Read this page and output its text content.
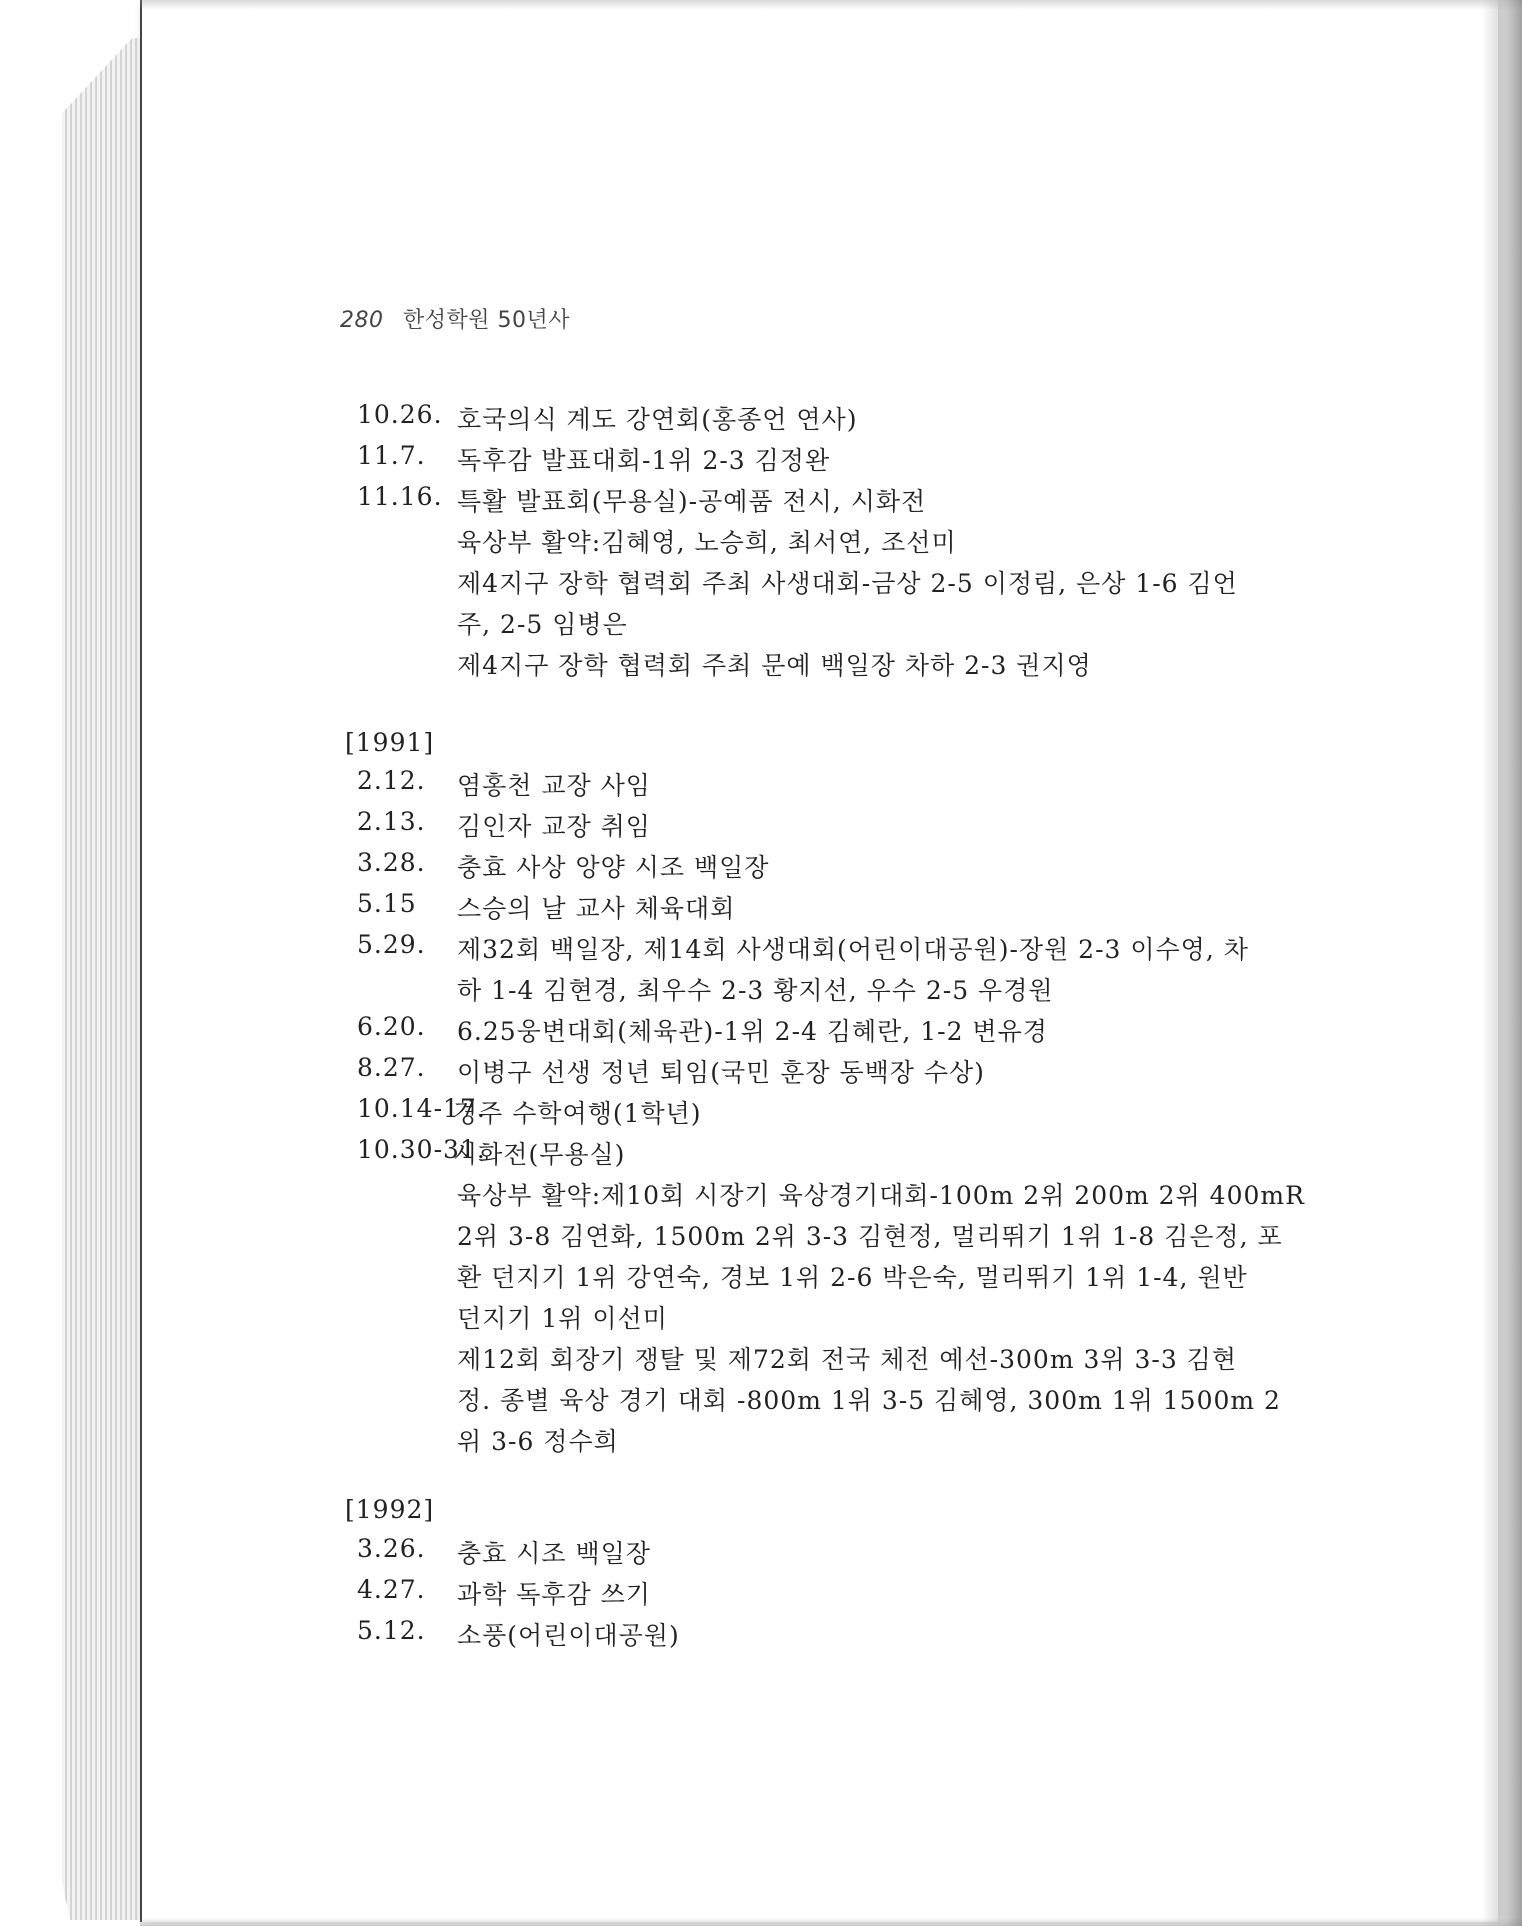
280 한성학원 50년사
10.26. 호국의식 계도 강연회(홍종언 연사)
11.7. 독후감 발표대회-1위 2-3 김정완
11.16. 특활 발표회(무용실)-공예품 전시, 시화전
육상부 활약:김혜영, 노승희, 최서연, 조선미
제4지구 장학 협력회 주최 사생대회-금상 2-5 이정림, 은상 1-6 김언
주, 2-5 임병은
제4지구 장학 협력회 주최 문예 백일장 차하 2-3 권지영
[1991]
2.12. 염홍천 교장 사임
2.13. 김인자 교장 취임
3.28. 충효 사상 앙양 시조 백일장
5.15 스승의 날 교사 체육대회
5.29. 제32회 백일장, 제14회 사생대회(어린이대공원)-장원 2-3 이수영, 차
하 1-4 김현경, 최우수 2-3 황지선, 우수 2-5 우경원
6.20. 6.25웅변대회(체육관)-1위 2-4 김혜란, 1-2 변유경
8.27. 이병구 선생 정년 퇴임(국민 훈장 동백장 수상)
10.14-17.
경주 수학여행(1학년)
10.30-31.
시화전(무용실)
육상부 활약:제10회 시장기 육상경기대회-100m 2위 200m 2위 400mR
2위 3-8 김연화, 1500m 2위 3-3 김현정, 멀리뛰기 1위 1-8 김은정, 포
환 던지기 1위 강연숙, 경보 1위 2-6 박은숙, 멀리뛰기 1위 1-4, 원반
던지기 1위 이선미
제12회 회장기 쟁탈 및 제72회 전국 체전 예선-300m 3위 3-3 김현
정. 종별 육상 경기 대회 -800m 1위 3-5 김혜영, 300m 1위 1500m 2
위 3-6 정수희
[1992]
3.26. 충효 시조 백일장
4.27. 과학 독후감 쓰기
5.12. 소풍(어린이대공원)
